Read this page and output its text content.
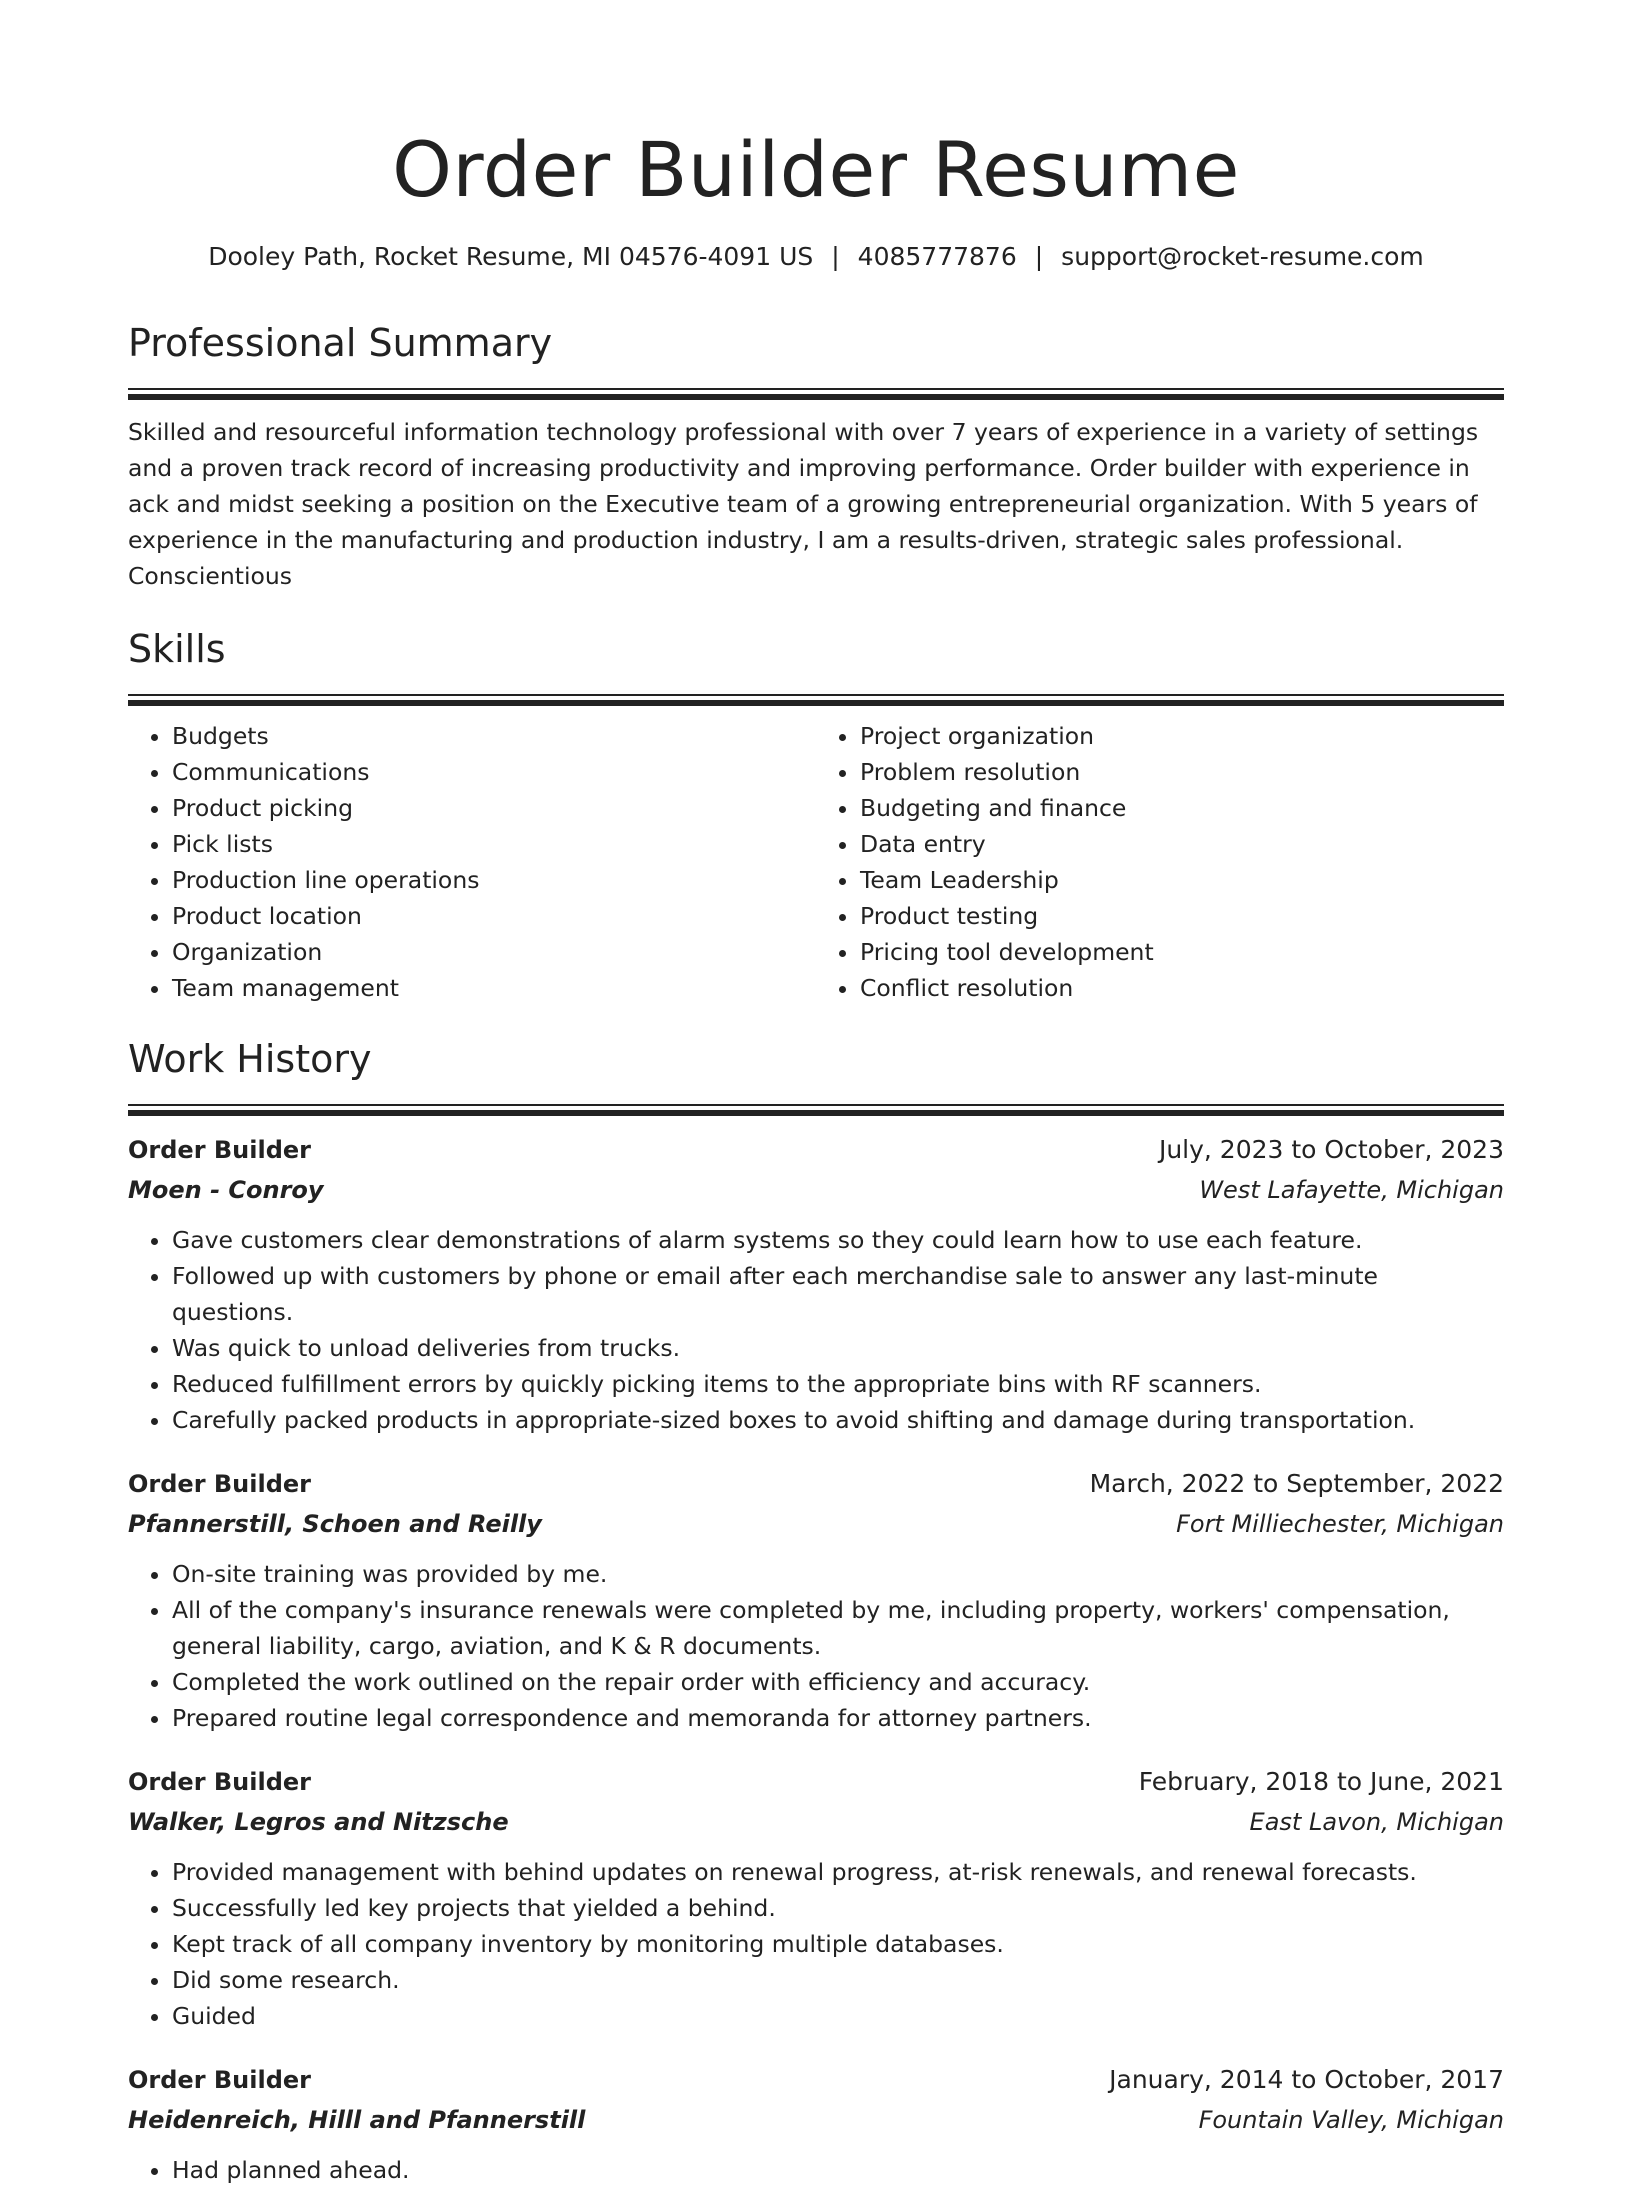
Order Builder Resume
Dooley Path, Rocket Resume, MI 04576-4091 US | 4085777876 | support@rocket-resume.com
Professional Summary

Skilled and resourceful information technology professional with over 7 years of experience in a variety of settings and a proven track record of increasing productivity and improving performance. Order builder with experience in ack and midst seeking a position on the Executive team of a growing entrepreneurial organization. With 5 years of experience in the manufacturing and production industry, I am a results-driven, strategic sales professional. Conscientious

Skills
• Budgets
• Communications
• Product picking
• Pick lists
• Production line operations
• Product location
• Organization
• Team management
• Project organization
• Problem resolution
• Budgeting and finance
• Data entry
• Team Leadership
• Product testing
• Pricing tool development
• Conflict resolution
Work History
Order Builder	July, 2023 to October, 2023
Moen - Conroy	West Lafayette, Michigan
• Gave customers clear demonstrations of alarm systems so they could learn how to use each feature.
• Followed up with customers by phone or email after each merchandise sale to answer any last-minute questions.
• Was quick to unload deliveries from trucks.
• Reduced fulfillment errors by quickly picking items to the appropriate bins with RF scanners.
• Carefully packed products in appropriate-sized boxes to avoid shifting and damage during transportation.
Order Builder	March, 2022 to September, 2022
Pfannerstill, Schoen and Reilly	Fort Milliechester, Michigan
• On-site training was provided by me.
• All of the company's insurance renewals were completed by me, including property, workers' compensation, general liability, cargo, aviation, and K & R documents.
• Completed the work outlined on the repair order with efficiency and accuracy.
• Prepared routine legal correspondence and memoranda for attorney partners.
Order Builder	February, 2018 to June, 2021
Walker, Legros and Nitzsche	East Lavon, Michigan
• Provided management with behind updates on renewal progress, at-risk renewals, and renewal forecasts.
• Successfully led key projects that yielded a behind.
• Kept track of all company inventory by monitoring multiple databases.
• Did some research.
• Guided
Order Builder	January, 2014 to October, 2017
Heidenreich, Hilll and Pfannerstill	Fountain Valley, Michigan
• Had planned ahead.
